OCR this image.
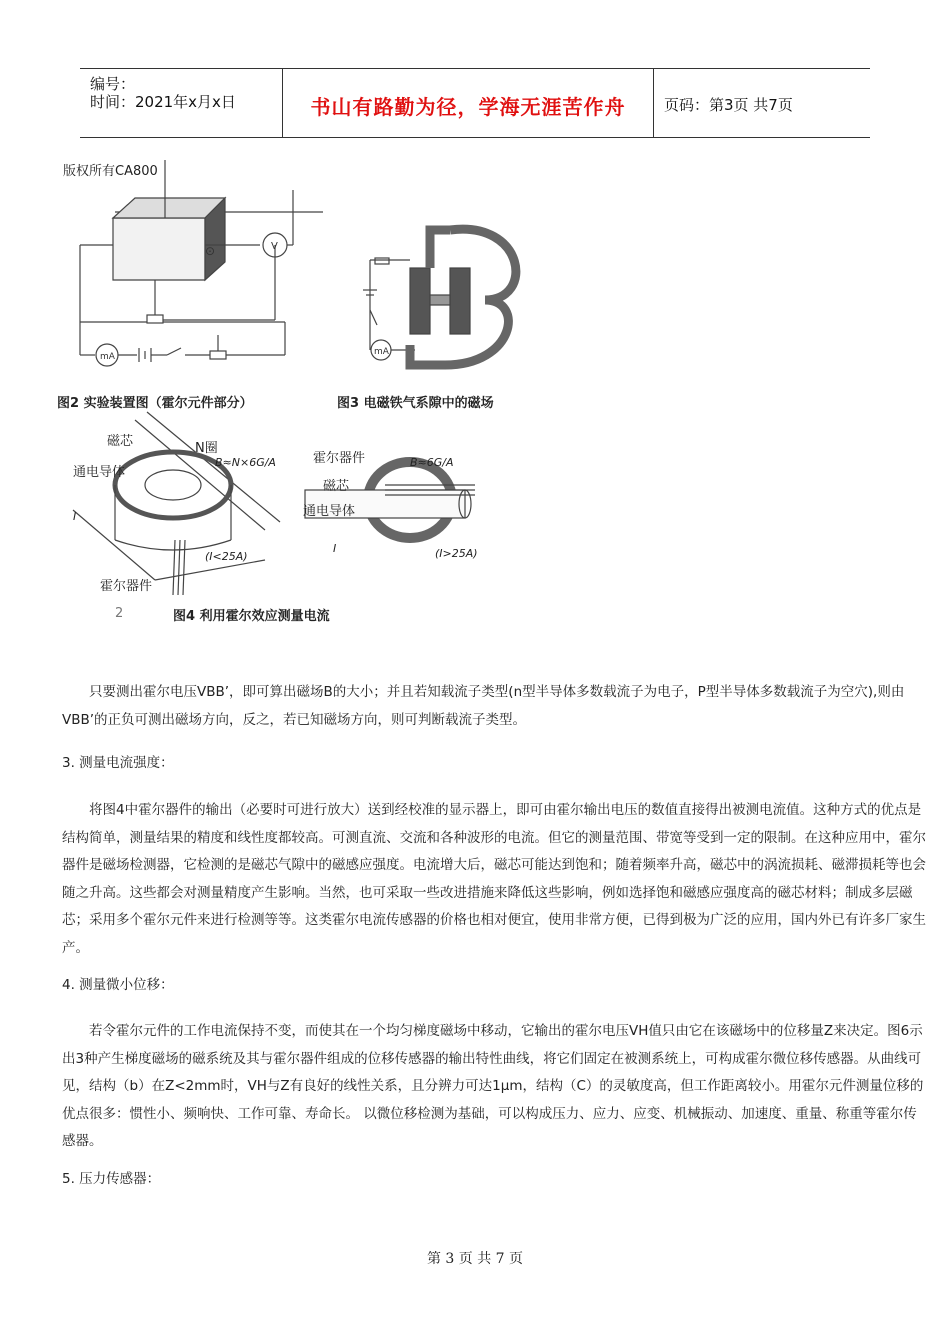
编号：
时间：2021年x月x日	书山有路勤为径，学海无涯苦作舟	页码：第3页 共7页
⊙	V
mA	mA
版权所有CA800
图2 实验装置图（霍尔元件部分）	图3 电磁铁气系隙中的磁场
磁芯	N圈
B≈N×6G/A
通电导体
I
(I<25A)
霍尔器件
霍尔器件	B≈6G/A
磁芯
通电导体
I	(I>25A)
2	图4 利用霍尔效应测量电流
只要测出霍尔电压VBB’，即可算出磁场B的大小；并且若知载流子类型(n型半导体多数载流子为电子，P型半导体多数载流子为空穴),则由VBB’的正负可测出磁场方向，反之，若已知磁场方向，则可判断载流子类型。
3. 测量电流强度：
将图4中霍尔器件的输出（必要时可进行放大）送到经校准的显示器上，即可由霍尔输出电压的数值直接得出被测电流值。这种方式的优点是结构简单，测量结果的精度和线性度都较高。可测直流、交流和各种波形的电流。但它的测量范围、带宽等受到一定的限制。在这种应用中，霍尔器件是磁场检测器，它检测的是磁芯气隙中的磁感应强度。电流增大后，磁芯可能达到饱和；随着频率升高，磁芯中的涡流损耗、磁滞损耗等也会随之升高。这些都会对测量精度产生影响。当然，也可采取一些改进措施来降低这些影响，例如选择饱和磁感应强度高的磁芯材料；制成多层磁芯；采用多个霍尔元件来进行检测等等。这类霍尔电流传感器的价格也相对便宜，使用非常方便，已得到极为广泛的应用，国内外已有许多厂家生产。
4. 测量微小位移：
若令霍尔元件的工作电流保持不变，而使其在一个均匀梯度磁场中移动，它输出的霍尔电压VH值只由它在该磁场中的位移量Z来决定。图6示出3种产生梯度磁场的磁系统及其与霍尔器件组成的位移传感器的输出特性曲线，将它们固定在被测系统上，可构成霍尔微位移传感器。从曲线可见，结构（b）在Z<2mm时，VH与Z有良好的线性关系，且分辨力可达1μm，结构（C）的灵敏度高，但工作距离较小。用霍尔元件测量位移的优点很多：惯性小、频响快、工作可靠、寿命长。 以微位移检测为基础，可以构成压力、应力、应变、机械振动、加速度、重量、称重等霍尔传感器。
5. 压力传感器：
第 3 页 共 7 页
